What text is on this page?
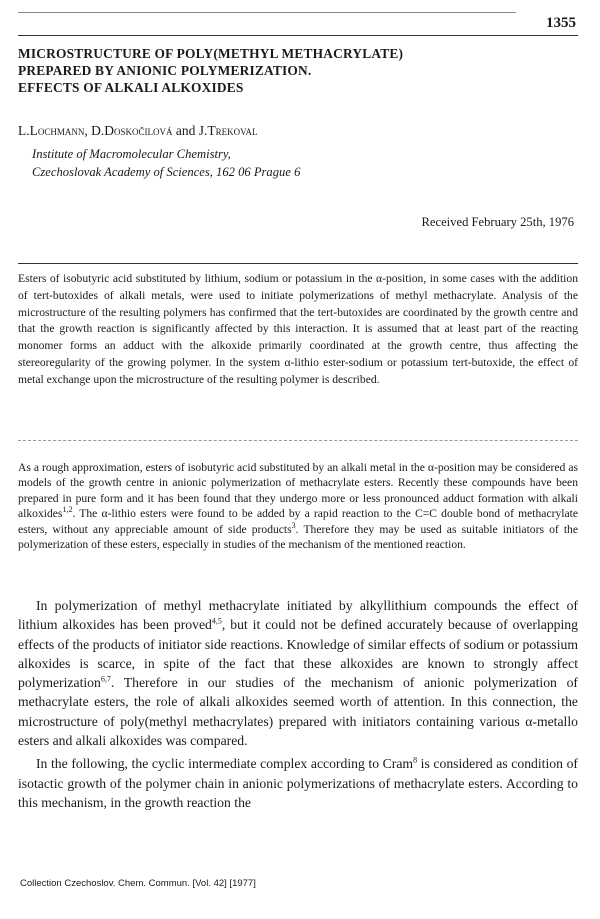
1355
MICROSTRUCTURE OF POLY(METHYL METHACRYLATE)
PREPARED BY ANIONIC POLYMERIZATION.
EFFECTS OF ALKALI ALKOXIDES
L.Lochmann, D.Doskočilová and J.Trekoval
Institute of Macromolecular Chemistry,
Czechoslovak Academy of Sciences, 162 06 Prague 6
Received February 25th, 1976
Esters of isobutyric acid substituted by lithium, sodium or potassium in the α-position, in some cases with the addition of tert-butoxides of alkali metals, were used to initiate polymerizations of methyl methacrylate. Analysis of the microstructure of the resulting polymers has confirmed that the tert-butoxides are coordinated by the growth centre and that the growth reaction is significantly affected by this interaction. It is assumed that at least part of the reacting monomer forms an adduct with the alkoxide primarily coordinated at the growth centre, thus affecting the stereoregularity of the growing polymer. In the system α-lithio ester-sodium or potassium tert-butoxide, the effect of metal exchange upon the microstructure of the resulting polymer is described.
As a rough approximation, esters of isobutyric acid substituted by an alkali metal in the α-position may be considered as models of the growth centre in anionic polymerization of methacrylate esters. Recently these compounds have been prepared in pure form and it has been found that they undergo more or less pronounced adduct formation with alkali alkoxides$^{1,2}$. The α-lithio esters were found to be added by a rapid reaction to the C=C double bond of methacrylate esters, without any appreciable amount of side products$^3$. Therefore they may be used as suitable initiators of the polymerization of these esters, especially in studies of the mechanism of the mentioned reaction.

In polymerization of methyl methacrylate initiated by alkyllithium compounds the effect of lithium alkoxides has been proved$^{4,5}$, but it could not be defined accurately because of overlapping effects of the products of initiator side reactions. Knowledge of similar effects of sodium or potassium alkoxides is scarce, in spite of the fact that these alkoxides are known to strongly affect polymerization$^{6,7}$. Therefore in our studies of the mechanism of anionic polymerization of methacrylate esters, the role of alkali alkoxides seemed worth of attention. In this connection, the microstructure of poly(methyl methacrylates) prepared with initiators containing various α-metallo esters and alkali alkoxides was compared.

In the following, the cyclic intermediate complex according to Cram$^8$ is considered as condition of isotactic growth of the polymer chain in anionic polymerizations of methacrylate esters. According to this mechanism, in the growth reaction the

Collection Czechoslov. Chem. Commun. [Vol. 42] [1977]
